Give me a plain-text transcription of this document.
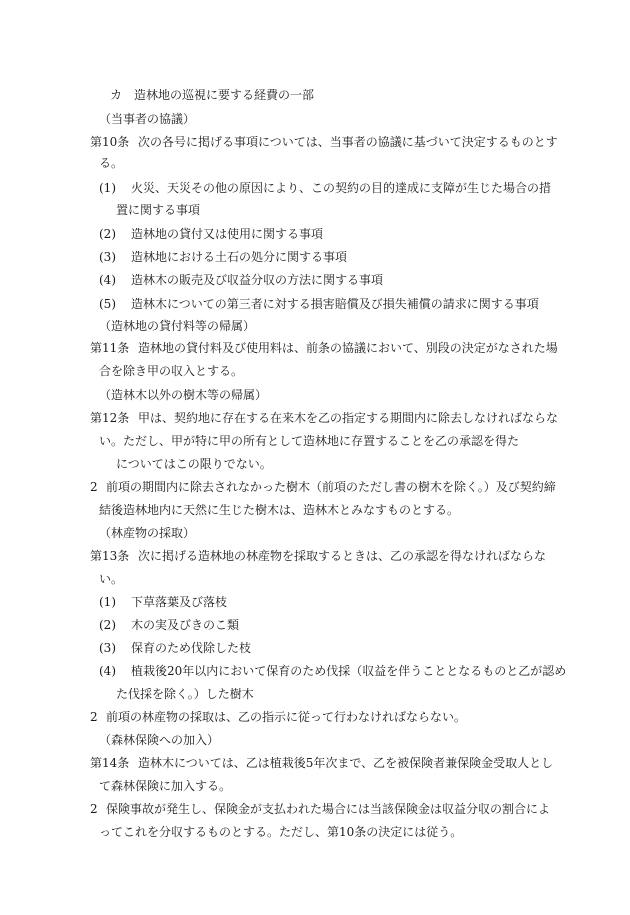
カ　造林地の巡視に要する経費の一部
（当事者の協議）
第10条 次の各号に掲げる事項については、当事者の協議に基づいて決定するものとす
る。
(1) 火災、天災その他の原因により、この契約の目的達成に支障が生じた場合の措
置に関する事項
(2) 造林地の貸付又は使用に関する事項
(3) 造林地における土石の処分に関する事項
(4) 造林木の販売及び収益分収の方法に関する事項
(5) 造林木についての第三者に対する損害賠償及び損失補償の請求に関する事項
（造林地の貸付料等の帰属）
第11条 造林地の貸付料及び使用料は、前条の協議において、別段の決定がなされた場
合を除き甲の収入とする。
（造林木以外の樹木等の帰属）
第12条 甲は、契約地に存在する在来木を乙の指定する期間内に除去しなければならな
い。ただし、甲が特に甲の所有として造林地に存置することを乙の承認を得た
についてはこの限りでない。
2 前項の期間内に除去されなかった樹木（前項のただし書の樹木を除く。）及び契約締
結後造林地内に天然に生じた樹木は、造林木とみなすものとする。
（林産物の採取）
第13条 次に掲げる造林地の林産物を採取するときは、乙の承認を得なければならな
い。
(1) 下草落葉及び落枝
(2) 木の実及びきのこ類
(3) 保育のため伐除した枝
(4) 植栽後20年以内において保育のため伐採（収益を伴うこととなるものと乙が認め
た伐採を除く。）した樹木
2 前項の林産物の採取は、乙の指示に従って行わなければならない。
（森林保険への加入）
第14条 造林木については、乙は植栽後5年次まで、乙を被保険者兼保険金受取人とし
て森林保険に加入する。
2 保険事故が発生し、保険金が支払われた場合には当該保険金は収益分収の割合によ
ってこれを分収するものとする。ただし、第10条の決定には従う。
